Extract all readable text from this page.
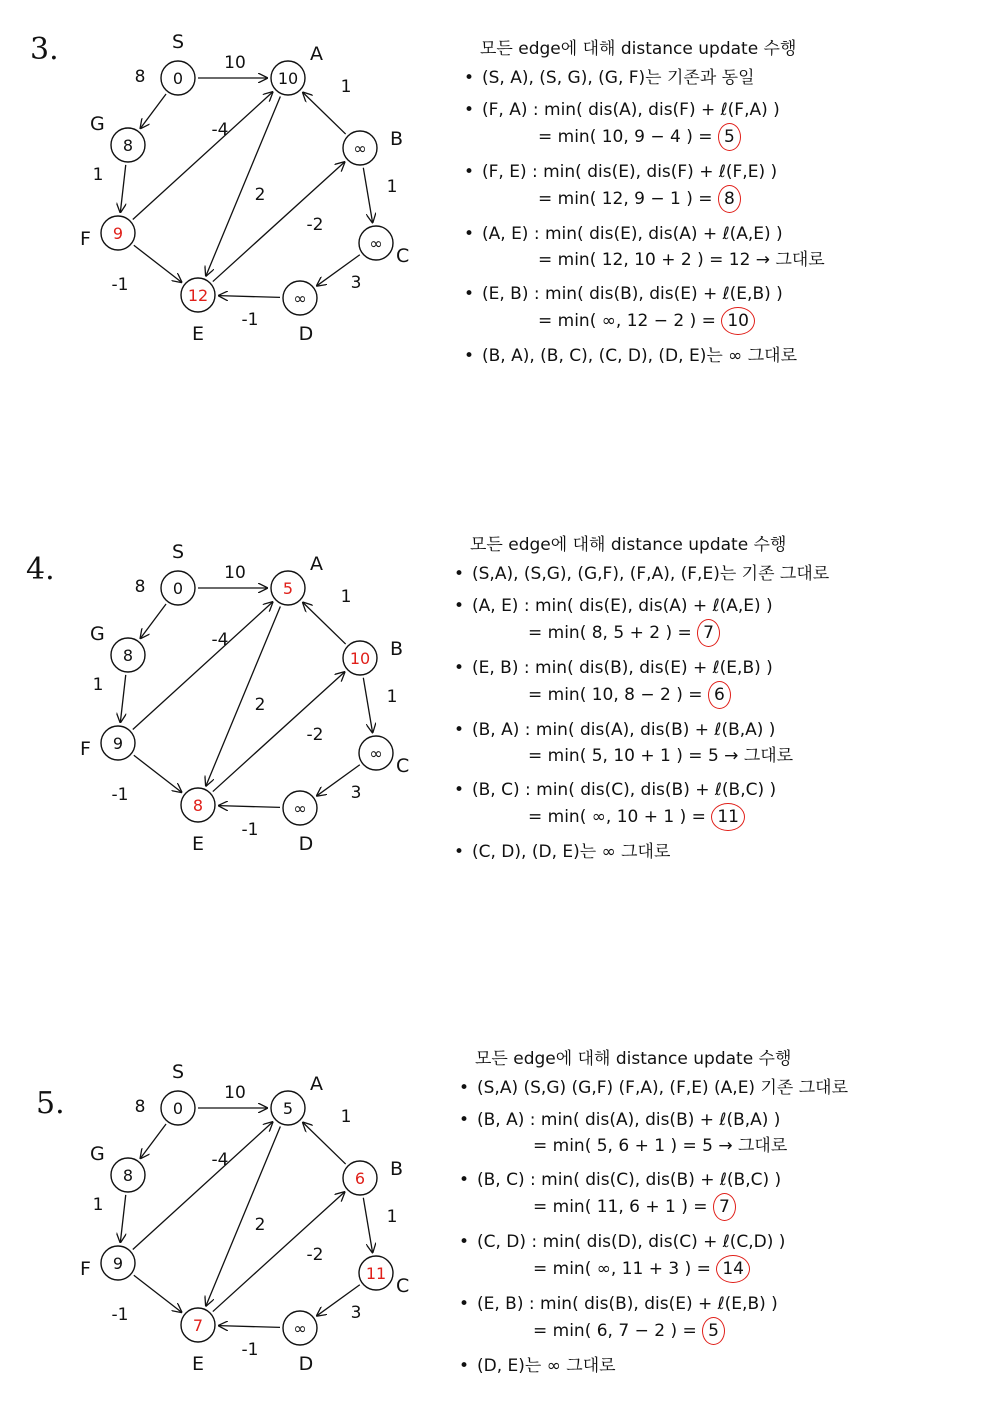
3.	10
8
1
-4
-1
2
-2
1
1
3
-1
0
S
10
A
∞ B
∞
C
∞
D
12
E
9
F
8
G
모든 edge에 대해 distance update 수행
• (S, A), (S, G), (G, F)는 기존과 동일
• (F, A) : min( dis(A), dis(F) + ℓ(F,A) )
= min( 10, 9 − 4 ) = 5
• (F, E) : min( dis(E), dis(F) + ℓ(F,E) )
= min( 12, 9 − 1 ) = 8
• (A, E) : min( dis(E), dis(A) + ℓ(A,E) )
= min( 12, 10 + 2 ) = 12 → 그대로
• (E, B) : min( dis(B), dis(E) + ℓ(E,B) )
= min( ∞, 12 − 2 ) = 10
• (B, A), (B, C), (C, D), (D, E)는 ∞ 그대로
4.	10
8
1
-4
-1
2
-2
1
1
3
-1
0
S
5
A
10 B
∞
C
∞
D
8
E
9
F
8
G
모든 edge에 대해 distance update 수행
• (S,A), (S,G), (G,F), (F,A), (F,E)는 기존 그대로
• (A, E) : min( dis(E), dis(A) + ℓ(A,E) )
= min( 8, 5 + 2 ) = 7
• (E, B) : min( dis(B), dis(E) + ℓ(E,B) )
= min( 10, 8 − 2 ) = 6
• (B, A) : min( dis(A), dis(B) + ℓ(B,A) )
= min( 5, 10 + 1 ) = 5 → 그대로
• (B, C) : min( dis(C), dis(B) + ℓ(B,C) )
= min( ∞, 10 + 1 ) = 11
• (C, D), (D, E)는 ∞ 그대로
5.	10
8
1
-4
-1
2
-2
1
1
3
-1
0
S
5
A
6 B
11
C
∞
D
7
E
9
F
8
G
모든 edge에 대해 distance update 수행
• (S,A) (S,G) (G,F) (F,A), (F,E) (A,E) 기존 그대로
• (B, A) : min( dis(A), dis(B) + ℓ(B,A) )
= min( 5, 6 + 1 ) = 5 → 그대로
• (B, C) : min( dis(C), dis(B) + ℓ(B,C) )
= min( 11, 6 + 1 ) = 7
• (C, D) : min( dis(D), dis(C) + ℓ(C,D) )
= min( ∞, 11 + 3 ) = 14
• (E, B) : min( dis(B), dis(E) + ℓ(E,B) )
= min( 6, 7 − 2 ) = 5
• (D, E)는 ∞ 그대로
